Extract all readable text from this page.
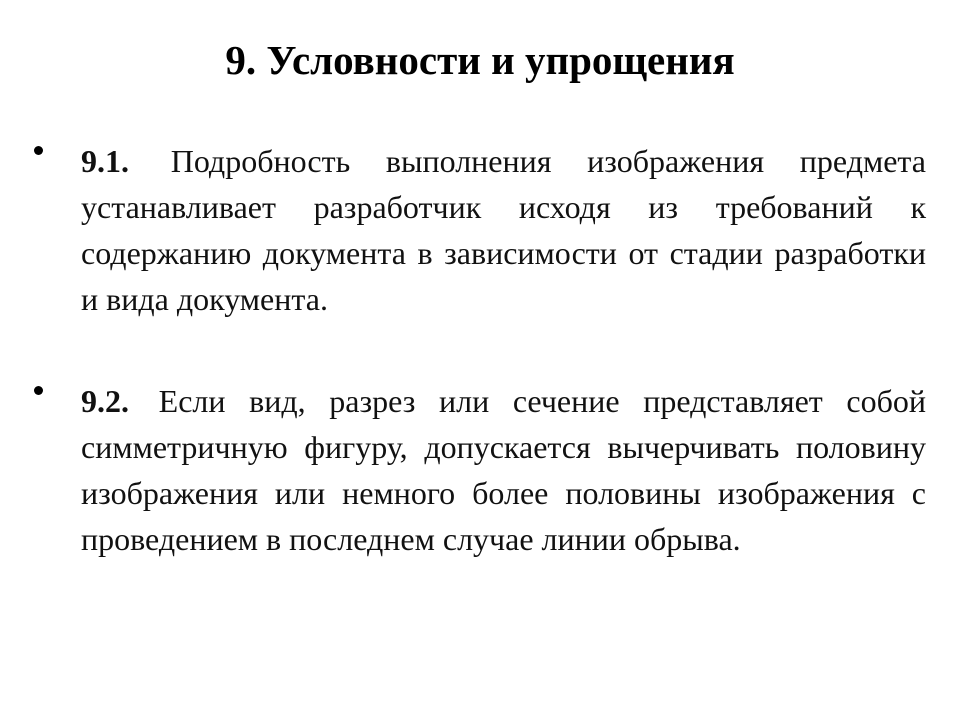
9. Условности и упрощения
9.1. Подробность выполнения изображения предмета устанавливает разработчик исходя из требований к содержанию документа в зависимости от стадии разработки и вида документа.
9.2. Если вид, разрез или сечение представляет собой симметричную фигуру, допускается вычерчивать половину изображения или немного более половины изображения с проведением в последнем случае линии обрыва.
